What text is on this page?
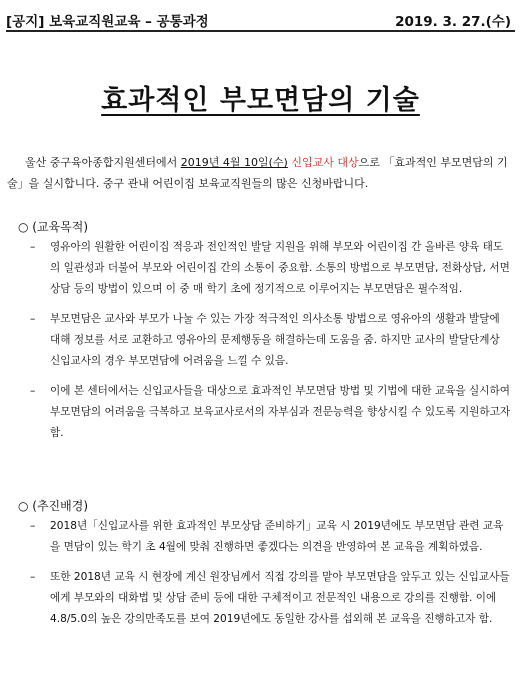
[공지] 보육교직원교육 – 공통과정	2019. 3. 27.(수)
효과적인 부모면담의 기술

울산 중구육아종합지원센터에서 2019년 4월 10일(수) 신입교사 대상으로 「효과적인 부모면담의 기술」을 실시합니다. 중구 관내 어린이집 보육교직원들의 많은 신청바랍니다.

○ (교육목적)
– 영유아의 원활한 어린이집 적응과 전인적인 발달 지원을 위해 부모와 어린이집 간 올바른 양육 태도의 일관성과 더불어 부모와 어린이집 간의 소통이 중요함. 소통의 방법으로 부모면담, 전화상담, 서면상담 등의 방법이 있으며 이 중 매 학기 초에 정기적으로 이루어지는 부모면담은 필수적임.
– 부모면담은 교사와 부모가 나눌 수 있는 가장 적극적인 의사소통 방법으로 영유아의 생활과 발달에 대해 정보를 서로 교환하고 영유아의 문제행동을 해결하는데 도움을 줌. 하지만 교사의 발달단계상 신입교사의 경우 부모면담에 어려움을 느낄 수 있음.
– 이에 본 센터에서는 신입교사들을 대상으로 효과적인 부모면담 방법 및 기법에 대한 교육을 실시하여 부모면담의 어려움을 극복하고 보육교사로서의 자부심과 전문능력을 향상시킬 수 있도록 지원하고자 함.
○ (추진배경)
– 2018년「신입교사를 위한 효과적인 부모상담 준비하기」교육 시 2019년에도 부모면담 관련 교육을 면담이 있는 학기 초 4월에 맞춰 진행하면 좋겠다는 의견을 반영하여 본 교육을 계획하였음.
– 또한 2018년 교육 시 현장에 계신 원장님께서 직접 강의를 맡아 부모면담을 앞두고 있는 신입교사들에게 부모와의 대화법 및 상담 준비 등에 대한 구체적이고 전문적인 내용으로 강의를 진행함. 이에 4.8/5.0의 높은 강의만족도를 보여 2019년에도 동일한 강사를 섭외해 본 교육을 진행하고자 함.
